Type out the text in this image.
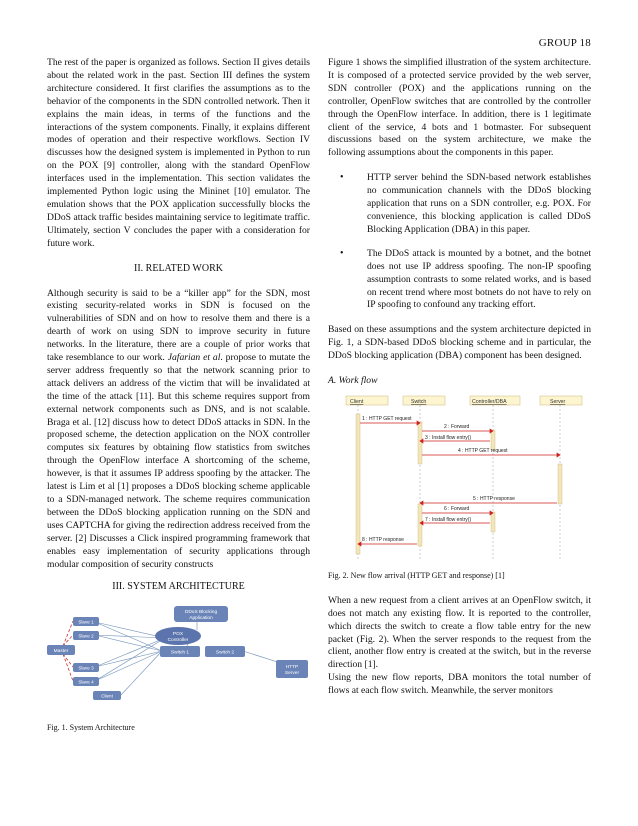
GROUP 18

The rest of the paper is organized as follows. Section II gives details about the related work in the past. Section III defines the system architecture considered. It first clarifies the assumptions as to the behavior of the components in the SDN controlled network. Then it explains the main ideas, in terms of the functions and the interactions of the system components. Finally, it explains different modes of operation and their respective workflows. Section IV discusses how the designed system is implemented in Python to run on the POX [9] controller, along with the standard OpenFlow interfaces used in the implementation. This section validates the implemented Python logic using the Mininet [10] emulator. The emulation shows that the POX application successfully blocks the DDoS attack traffic besides maintaining service to legitimate traffic. Ultimately, section V concludes the paper with a consideration for future work.

II. RELATED WORK

Although security is said to be a “killer app” for the SDN, most existing security-related works in SDN is focused on the vulnerabilities of SDN and on how to resolve them and there is a dearth of work on using SDN to improve security in future networks. In the literature, there are a couple of prior works that take resemblance to our work. Jafarian et al. propose to mutate the server address frequently so that the network scanning prior to attack delivers an address of the victim that will be invalidated at the time of the attack [11]. But this scheme requires support from external network components such as DNS, and is not scalable. Braga et al. [12] discuss how to detect DDoS attacks in SDN. In the proposed scheme, the detection application on the NOX controller computes six features by obtaining flow statistics from switches through the OpenFlow interface A shortcoming of the scheme, however, is that it assumes IP address spoofing by the attacker. The latest is Lim et al [1] proposes a DDoS blocking scheme applicable to a SDN-managed network. The scheme requires communication between the DDoS blocking application running on the SDN and uses CAPTCHA for giving the redirection address received from the server. [2] Discusses a Click inspired programming framework that enables easy implementation of security applications through modular composition of security constructs

III. SYSTEM ARCHITECTURE
DDoS Blocking
Application
POX
Controller
Switch 1	Switch 2
HTTP
Server
Master
Slave 1
Slave 2
Slave 3
Slave 4
Client
Fig. 1. System Architecture

Figure 1 shows the simplified illustration of the system architecture. It is composed of a protected service provided by the web server, SDN controller (POX) and the applications running on the controller, OpenFlow switches that are controlled by the controller through the OpenFlow interface. In addition, there is 1 legitimate client of the service, 4 bots and 1 botmaster. For subsequent discussions based on the system architecture, we make the following assumptions about the components in this paper.

• HTTP server behind the SDN-based network establishes no communication channels with the DDoS blocking application that runs on a SDN controller, e.g. POX. For convenience, this blocking application is called DDoS Blocking Application (DBA) in this paper.
• The DDoS attack is mounted by a botnet, and the botnet does not use IP address spoofing. The non-IP spoofing assumption contrasts to some related works, and is based on recent trend where most botnets do not have to rely on IP spoofing to confound any tracking effort.

Based on these assumptions and the system architecture depicted in Fig. 1, a SDN-based DDoS blocking scheme and in particular, the DDoS blocking application (DBA) component has been designed.

A. Work flow
Client	Switch	Controller/DBA	Server
1 : HTTP GET request
2 : Forward
3 : Install flow entry()
4 : HTTP GET request
5 : HTTP response
6 : Forward
7 : Install flow entry()
8 : HTTP response
Fig. 2. New flow arrival (HTTP GET and response) [1]

When a new request from a client arrives at an OpenFlow switch, it does not match any existing flow. It is reported to the controller, which directs the switch to create a flow table entry for the new packet (Fig. 2). When the server responds to the request from the client, another flow entry is created at the switch, but in the reverse direction [1].

Using the new flow reports, DBA monitors the total number of flows at each flow switch. Meanwhile, the server monitors
